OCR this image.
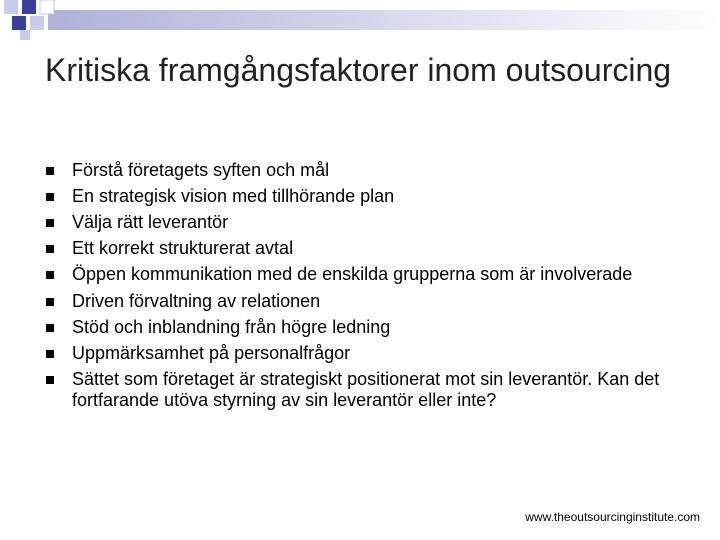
Kritiska framgångsfaktorer inom outsourcing
Förstå företagets syften och mål
En strategisk vision med tillhörande plan
Välja rätt leverantör
Ett korrekt strukturerat avtal
Öppen kommunikation med de enskilda grupperna som är involverade
Driven förvaltning av relationen
Stöd och inblandning från högre ledning
Uppmärksamhet på personalfrågor
Sättet som företaget är strategiskt positionerat mot sin leverantör. Kan det fortfarande utöva styrning av sin leverantör eller inte?
www.theoutsourcinginstitute.com
